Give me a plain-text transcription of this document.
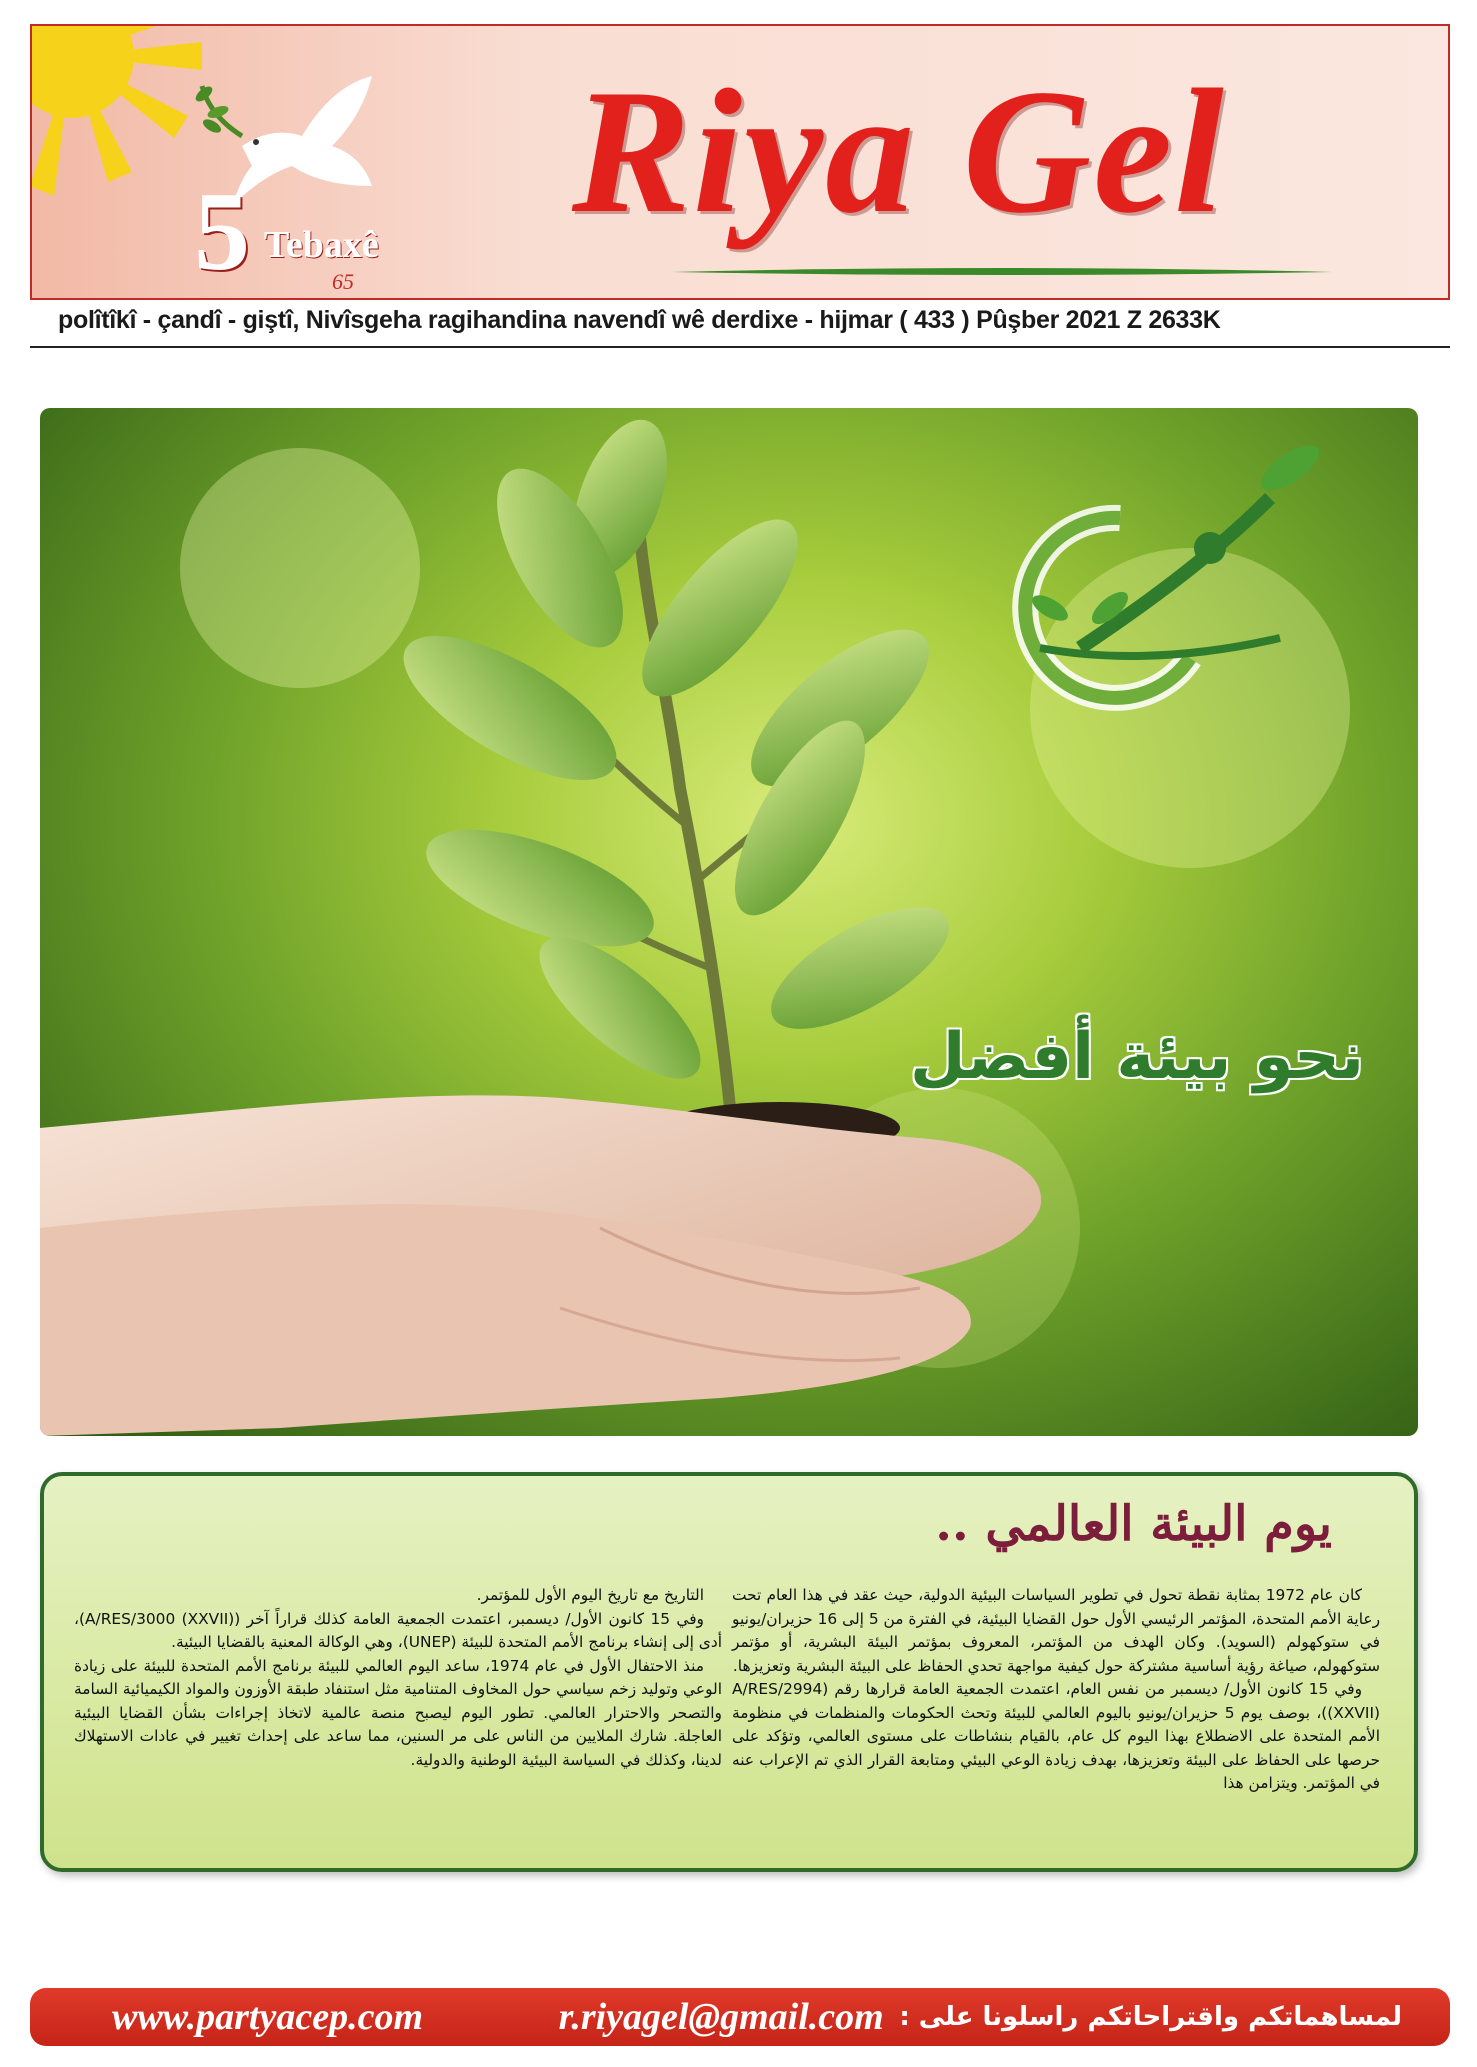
5 Tebaxê
65
Riya Gel
polîtîkî - çandî - giştî, Nivîsgeha ragihandina navendî wê derdixe - hijmar ( 433 ) Pûşber 2021 Z 2633K
نحو بيئة أفضل
يوم البيئة العالمي ..

كان عام 1972 بمثابة نقطة تحول في تطوير السياسات البيئية الدولية، حيث عقد في هذا العام تحت رعاية الأمم المتحدة، المؤتمر الرئيسي الأول حول القضايا البيئية، في الفترة من 5 إلى 16 حزيران/يونيو في ستوكهولم (السويد). وكان الهدف من المؤتمر، المعروف بمؤتمر البيئة البشرية، أو مؤتمر ستوكهولم، صياغة رؤية أساسية مشتركة حول كيفية مواجهة تحدي الحفاظ على البيئة البشرية وتعزيزها.

وفي 15 كانون الأول/ ديسمبر من نفس العام، اعتمدت الجمعية العامة قرارها رقم (A/RES/2994 (XXVII))، بوصف يوم 5 حزيران/يونيو باليوم العالمي للبيئة وتحث الحكومات والمنظمات في منظومة الأمم المتحدة على الاضطلاع بهذا اليوم كل عام، بالقيام بنشاطات على مستوى العالمي، وتؤكد على حرصها على الحفاظ على البيئة وتعزيزها، بهدف زيادة الوعي البيئي ومتابعة القرار الذي تم الإعراب عنه في المؤتمر. ويتزامن هذا

التاريخ مع تاريخ اليوم الأول للمؤتمر.

وفي 15 كانون الأول/ ديسمبر، اعتمدت الجمعية العامة كذلك قراراً آخر (A/RES/3000 (XXVII))، أدى إلى إنشاء برنامج الأمم المتحدة للبيئة (UNEP)، وهي الوكالة المعنية بالقضايا البيئية.

منذ الاحتفال الأول في عام 1974، ساعد اليوم العالمي للبيئة برنامج الأمم المتحدة للبيئة على زيادة الوعي وتوليد زخم سياسي حول المخاوف المتنامية مثل استنفاد طبقة الأوزون والمواد الكيميائية السامة والتصحر والاحترار العالمي. تطور اليوم ليصبح منصة عالمية لاتخاذ إجراءات بشأن القضايا البيئية العاجلة. شارك الملايين من الناس على مر السنين، مما ساعد على إحداث تغيير في عادات الاستهلاك لدينا، وكذلك في السياسة البيئية الوطنية والدولية.

www.partyacep.com	r.riyagel@gmail.com لمساهماتكم واقتراحاتكم راسلونا على :
